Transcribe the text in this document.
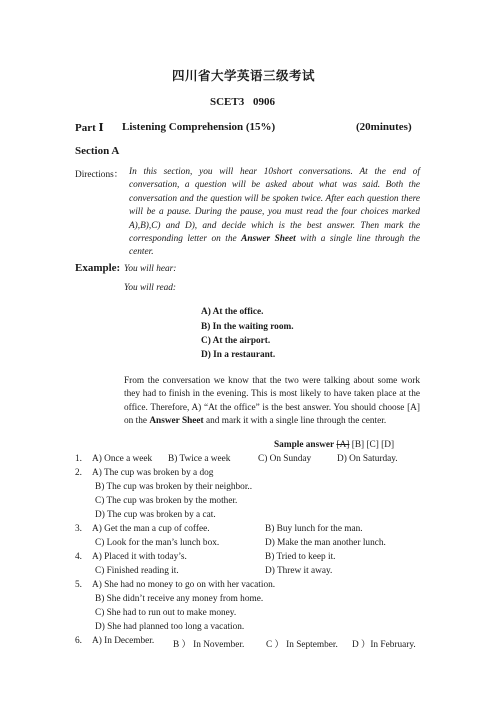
四川省大学英语三级考试
SCET3 0906
Part Ⅰ Listening Comprehension (15%)	(20minutes)
Section A
Directions： In this section, you will hear 10short conversations. At the end of conversation, a question will be asked about what was said. Both the conversation and the question will be spoken twice. After each question there will be a pause. During the pause, you must read the four choices marked A),B),C) and D), and decide which is the best answer. Then mark the corresponding letter on the Answer Sheet with a single line through the center.
Example: You will hear:
You will read:
A) At the office.
B) In the waiting room.
C) At the airport.
D) In a restaurant.
From the conversation we know that the two were talking about some work they had to finish in the evening. This is most likely to have taken place at the office. Therefore, A) “At the office” is the best answer. You should choose [A] on the Answer Sheet and mark it with a single line through the center.
Sample answer [A] [B] [C] [D]
1. A) Once a week B) Twice a week	C) On Sunday	D) On Saturday.
2. A) The cup was broken by a dog
B) The cup was broken by their neighbor..
C) The cup was broken by the mother.
D) The cup was broken by a cat.
3. A) Get the man a cup of coffee.	B) Buy lunch for the man.
C) Look for the man’s lunch box.	D) Make the man another lunch.
4. A) Placed it with today’s.	B) Tried to keep it.
C) Finished reading it.	D) Threw it away.
5. A) She had no money to go on with her vacation.
B) She didn’t receive any money from home.
C) She had to run out to make money.
D) She had planned too long a vacation.
6. A) In December. B ） In November. C ） In September. D ）In February.
